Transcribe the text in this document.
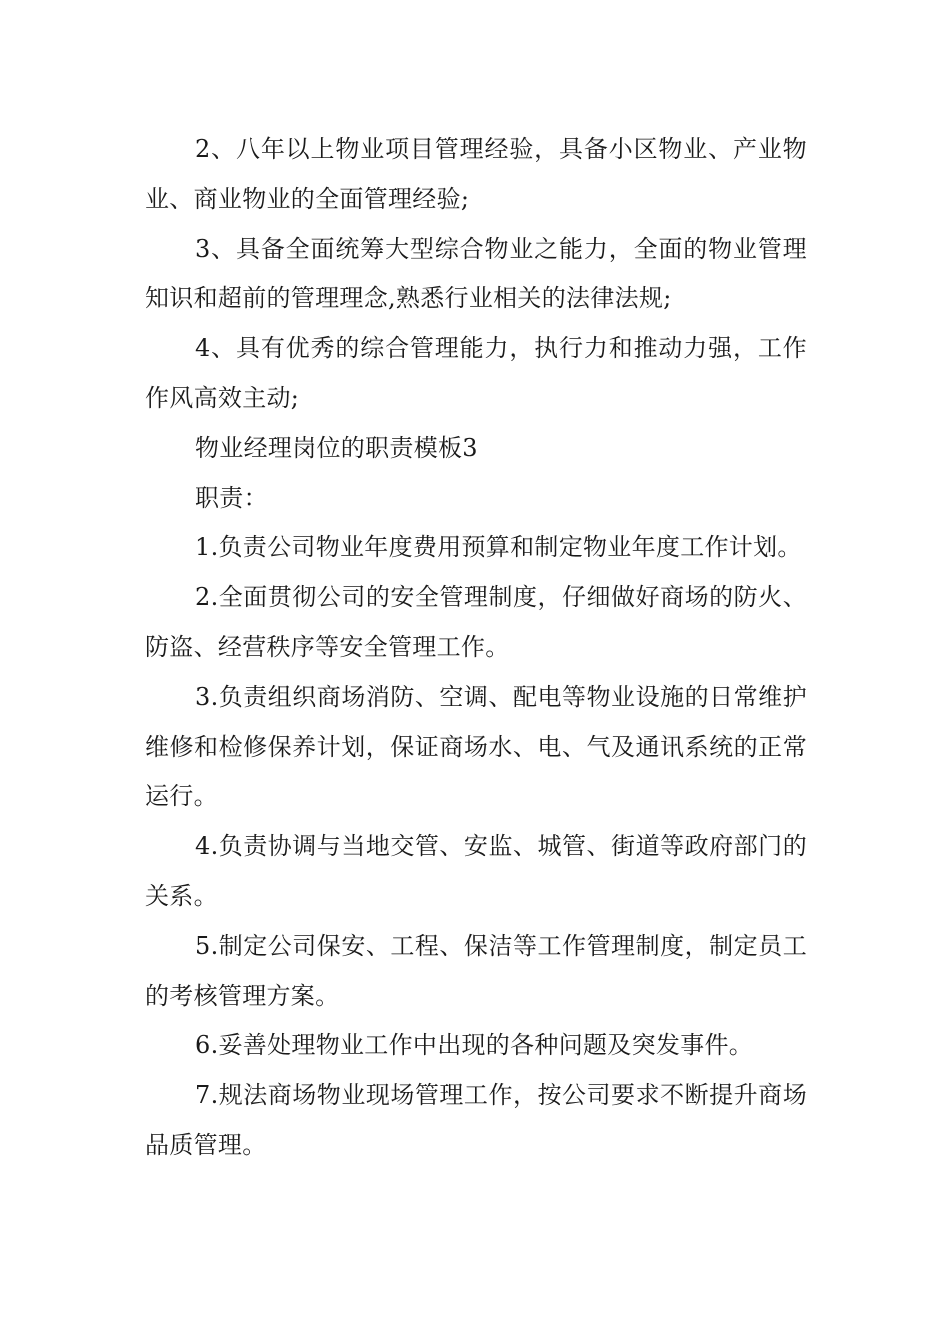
2、八年以上物业项目管理经验，具备小区物业、产业物业、商业物业的全面管理经验;

3、具备全面统筹大型综合物业之能力，全面的物业管理知识和超前的管理理念,熟悉行业相关的法律法规;

4、具有优秀的综合管理能力，执行力和推动力强，工作作风高效主动;

物业经理岗位的职责模板3

职责：

1.负责公司物业年度费用预算和制定物业年度工作计划。

2.全面贯彻公司的安全管理制度，仔细做好商场的防火、防盗、经营秩序等安全管理工作。

3.负责组织商场消防、空调、配电等物业设施的日常维护维修和检修保养计划，保证商场水、电、气及通讯系统的正常运行。

4.负责协调与当地交管、安监、城管、街道等政府部门的关系。

5.制定公司保安、工程、保洁等工作管理制度，制定员工的考核管理方案。

6.妥善处理物业工作中出现的各种问题及突发事件。

7.规法商场物业现场管理工作，按公司要求不断提升商场品质管理。
